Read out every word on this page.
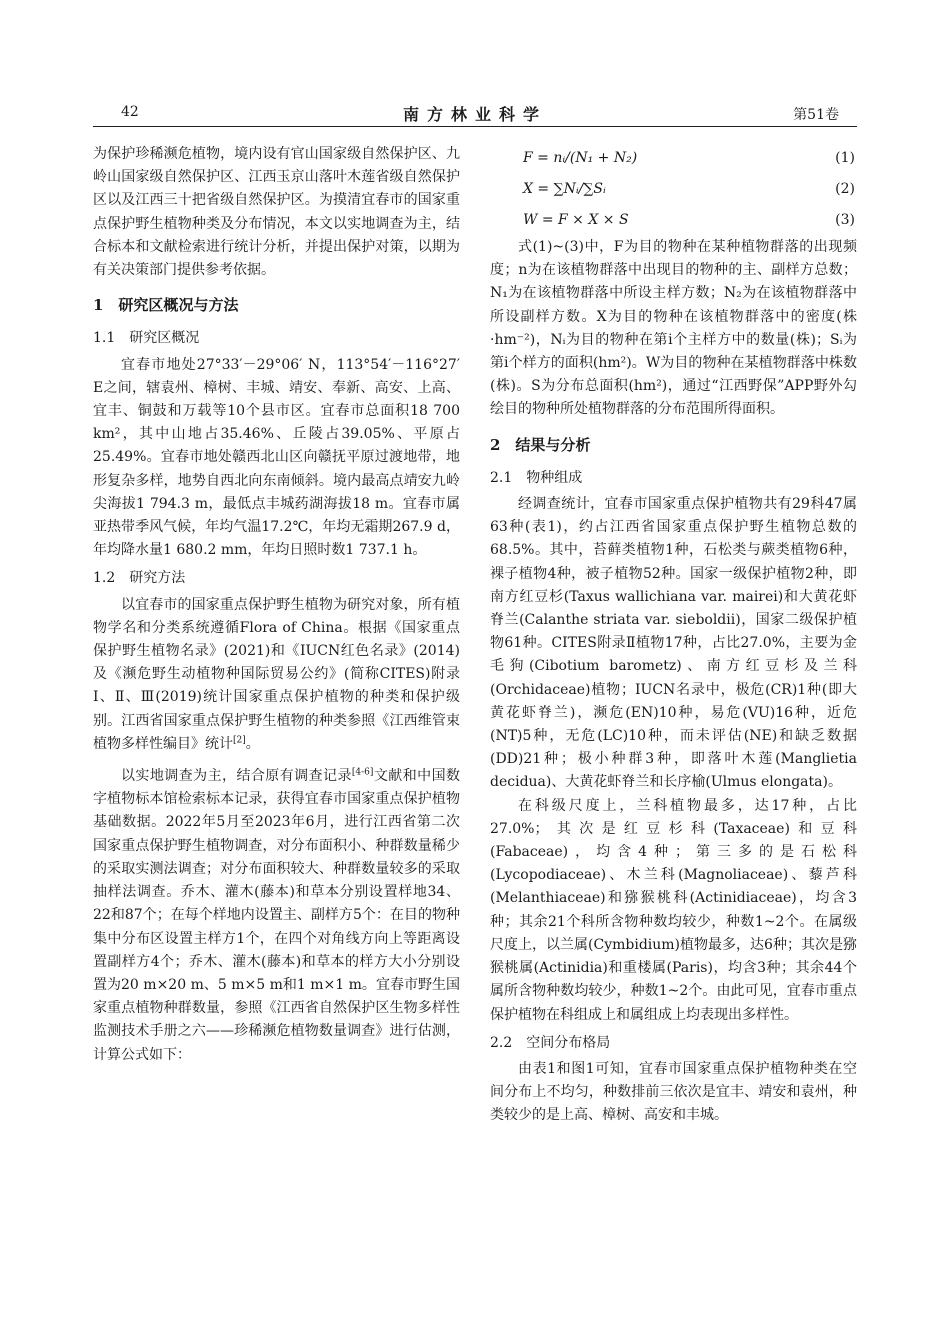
42	南方林业科学	第51卷

为保护珍稀濒危植物，境内设有官山国家级自然保护区、九岭山国家级自然保护区、江西玉京山落叶木莲省级自然保护区以及江西三十把省级自然保护区。为摸清宜春市的国家重点保护野生植物种类及分布情况，本文以实地调查为主，结合标本和文献检索进行统计分析，并提出保护对策，以期为有关决策部门提供参考依据。

1　研究区概况与方法
1.1　研究区概况

宜春市地处27°33′－29°06′ N，113°54′－116°27′ E之间，辖袁州、樟树、丰城、靖安、奉新、高安、上高、宜丰、铜鼓和万载等10个县市区。宜春市总面积18 700 km²，其中山地占35.46%、丘陵占39.05%、平原占25.49%。宜春市地处赣西北山区向赣抚平原过渡地带，地形复杂多样，地势自西北向东南倾斜。境内最高点靖安九岭尖海拔1 794.3 m，最低点丰城药湖海拔18 m。宜春市属亚热带季风气候，年均气温17.2℃，年均无霜期267.9 d，年均降水量1 680.2 mm，年均日照时数1 737.1 h。

1.2　研究方法

以宜春市的国家重点保护野生植物为研究对象，所有植物学名和分类系统遵循Flora of China。根据《国家重点保护野生植物名录》(2021)和《IUCN红色名录》(2014)及《濒危野生动植物种国际贸易公约》(简称CITES)附录Ⅰ、Ⅱ、Ⅲ(2019)统计国家重点保护植物的种类和保护级别。江西省国家重点保护野生植物的种类参照《江西维管束植物多样性编目》统计[2]。

以实地调查为主，结合原有调查记录[4-6]文献和中国数字植物标本馆检索标本记录，获得宜春市国家重点保护植物基础数据。2022年5月至2023年6月，进行江西省第二次国家重点保护野生植物调查，对分布面积小、种群数量稀少的采取实测法调查；对分布面积较大、种群数量较多的采取抽样法调查。乔木、灌木(藤本)和草本分别设置样地34、22和87个；在每个样地内设置主、副样方5个：在目的物种集中分布区设置主样方1个，在四个对角线方向上等距离设置副样方4个；乔木、灌木(藤本)和草本的样方大小分别设置为20 m×20 m、5 m×5 m和1 m×1 m。宜春市野生国家重点植物种群数量，参照《江西省自然保护区生物多样性监测技术手册之六——珍稀濒危植物数量调查》进行估测，计算公式如下：

F = nᵢ/(N₁ + N₂)	(1)
X = ∑Nᵢ/∑Sᵢ	(2)
W = F × X × S	(3)

式(1)~(3)中，F为目的物种在某种植物群落的出现频度；n为在该植物群落中出现目的物种的主、副样方总数；N₁为在该植物群落中所设主样方数；N₂为在该植物群落中所设副样方数。X为目的物种在该植物群落中的密度(株·hm⁻²)，Nᵢ为目的物种在第i个主样方中的数量(株)；Sᵢ为第i个样方的面积(hm²)。W为目的物种在某植物群落中株数(株)。S为分布总面积(hm²)，通过“江西野保”APP野外勾绘目的物种所处植物群落的分布范围所得面积。

2　结果与分析
2.1　物种组成

经调查统计，宜春市国家重点保护植物共有29科47属63种(表1)，约占江西省国家重点保护野生植物总数的68.5%。其中，苔藓类植物1种，石松类与蕨类植物6种，裸子植物4种，被子植物52种。国家一级保护植物2种，即南方红豆杉(Taxus wallichiana var. mairei)和大黄花虾脊兰(Calanthe striata var. sieboldii)，国家二级保护植物61种。CITES附录Ⅱ植物17种，占比27.0%，主要为金毛狗(Cibotium barometz)、南方红豆杉及兰科(Orchidaceae)植物；IUCN名录中，极危(CR)1种(即大黄花虾脊兰)，濒危(EN)10种，易危(VU)16种，近危(NT)5种，无危(LC)10种，而未评估(NE)和缺乏数据(DD)21种；极小种群3种，即落叶木莲(Manglietia decidua)、大黄花虾脊兰和长序榆(Ulmus elongata)。

在科级尺度上，兰科植物最多，达17种，占比27.0%；其次是红豆杉科(Taxaceae)和豆科(Fabaceae)，均含4种；第三多的是石松科(Lycopodiaceae)、木兰科(Magnoliaceae)、藜芦科(Melanthiaceae)和猕猴桃科(Actinidiaceae)，均含3种；其余21个科所含物种数均较少，种数1~2个。在属级尺度上，以兰属(Cymbidium)植物最多，达6种；其次是猕猴桃属(Actinidia)和重楼属(Paris)，均含3种；其余44个属所含物种数均较少，种数1~2个。由此可见，宜春市重点保护植物在科组成上和属组成上均表现出多样性。

2.2　空间分布格局

由表1和图1可知，宜春市国家重点保护植物种类在空间分布上不均匀，种数排前三依次是宜丰、靖安和袁州，种类较少的是上高、樟树、高安和丰城。
